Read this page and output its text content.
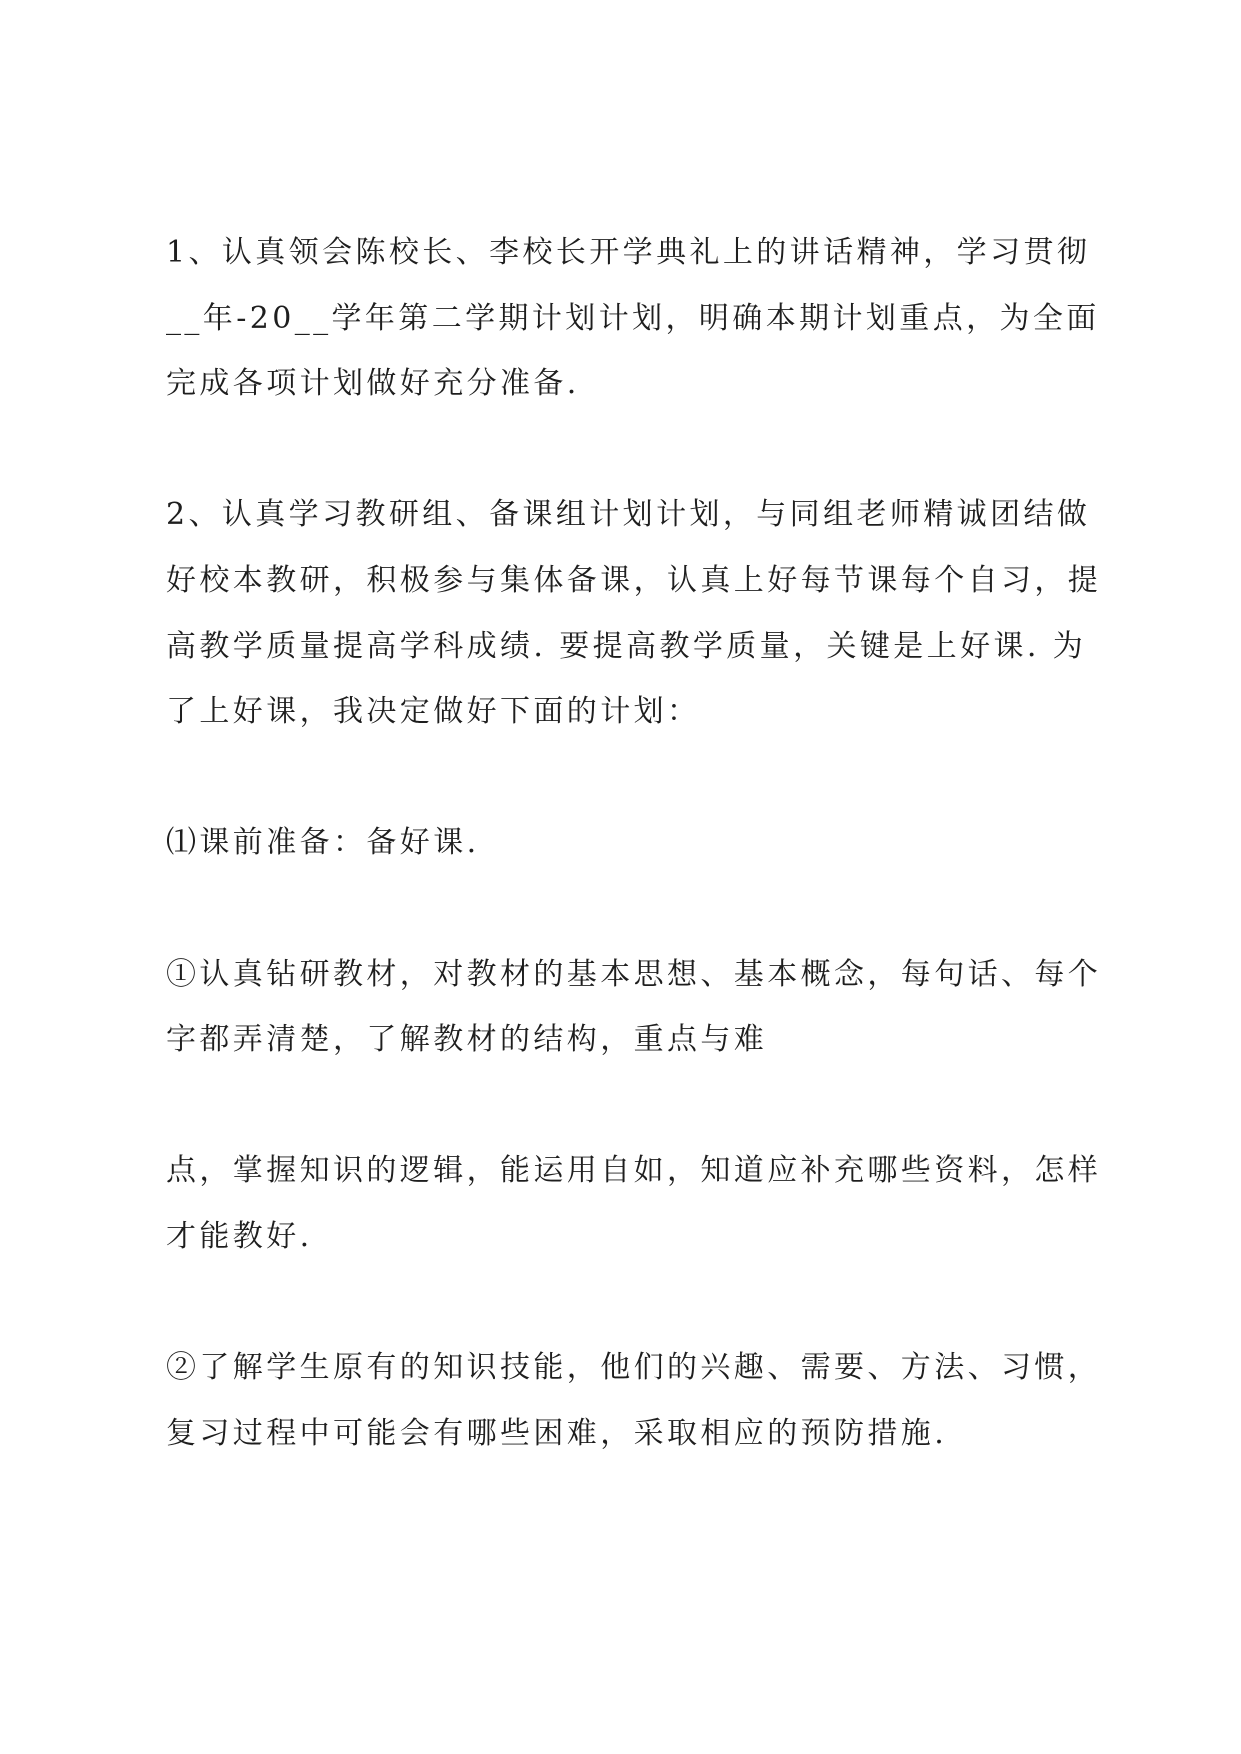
1、认真领会陈校长、李校长开学典礼上的讲话精神，学习贯彻
__年-20__学年第二学期计划计划，明确本期计划重点，为全面
完成各项计划做好充分准备.
2、认真学习教研组、备课组计划计划，与同组老师精诚团结做
好校本教研，积极参与集体备课，认真上好每节课每个自习，提
高教学质量提高学科成绩. 要提高教学质量，关键是上好课. 为
了上好课，我决定做好下面的计划：
⑴课前准备：备好课.
①认真钻研教材，对教材的基本思想、基本概念，每句话、每个
字都弄清楚，了解教材的结构，重点与难
点，掌握知识的逻辑，能运用自如，知道应补充哪些资料，怎样
才能教好.
②了解学生原有的知识技能，他们的兴趣、需要、方法、习惯，
复习过程中可能会有哪些困难，采取相应的预防措施.
